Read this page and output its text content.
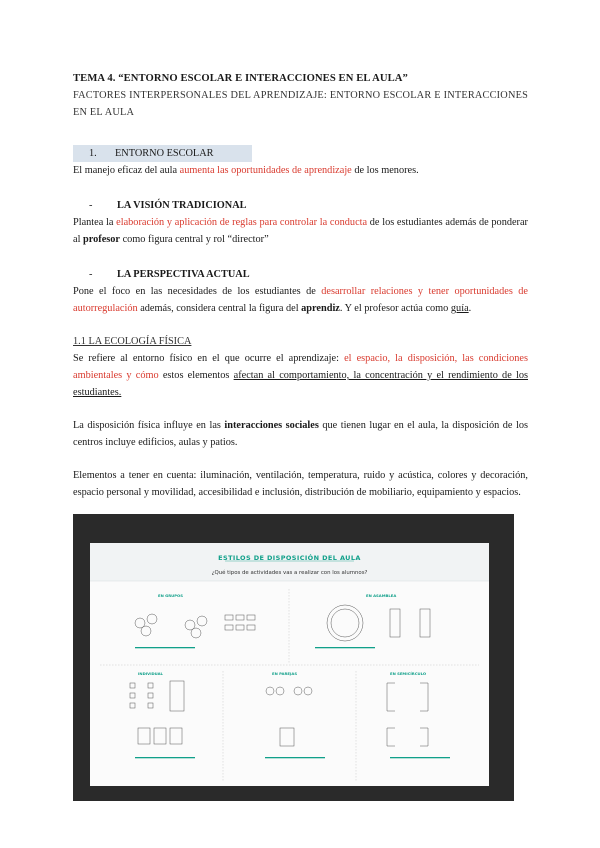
TEMA 4. “ENTORNO ESCOLAR E INTERACCIONES EN EL AULA”

FACTORES INTERPERSONALES DEL APRENDIZAJE: ENTORNO ESCOLAR E INTERACCIONES EN EL AULA

1. ENTORNO ESCOLAR

El manejo eficaz del aula aumenta las oportunidades de aprendizaje de los menores.

- LA VISIÓN TRADICIONAL

Plantea la elaboración y aplicación de reglas para controlar la conducta de los estudiantes además de ponderar al profesor como figura central y rol “director”

- LA PERSPECTIVA ACTUAL

Pone el foco en las necesidades de los estudiantes de desarrollar relaciones y tener oportunidades de autorregulación además, considera central la figura del aprendiz. Y el profesor actúa como guía.

1.1 LA ECOLOGÍA FÍSICA

Se refiere al entorno físico en el que ocurre el aprendizaje: el espacio, la disposición, las condiciones ambientales y cómo estos elementos afectan al comportamiento, la concentración y el rendimiento de los estudiantes.

La disposición física influye en las interacciones sociales que tienen lugar en el aula, la disposición de los centros incluye edificios, aulas y patios.

Elementos a tener en cuenta: iluminación, ventilación, temperatura, ruido y acústica, colores y decoración, espacio personal y movilidad, accesibilidad e inclusión, distribución de mobiliario, equipamiento y espacios.

ESTILOS DE DISPOSICIÓN DEL AULA
¿Qué tipos de actividades vas a realizar con los alumnos?
EN GRUPOS	EN ASAMBLEA
INDIVIDUAL	EN PAREJAS	EN SEMICÍRCULO
